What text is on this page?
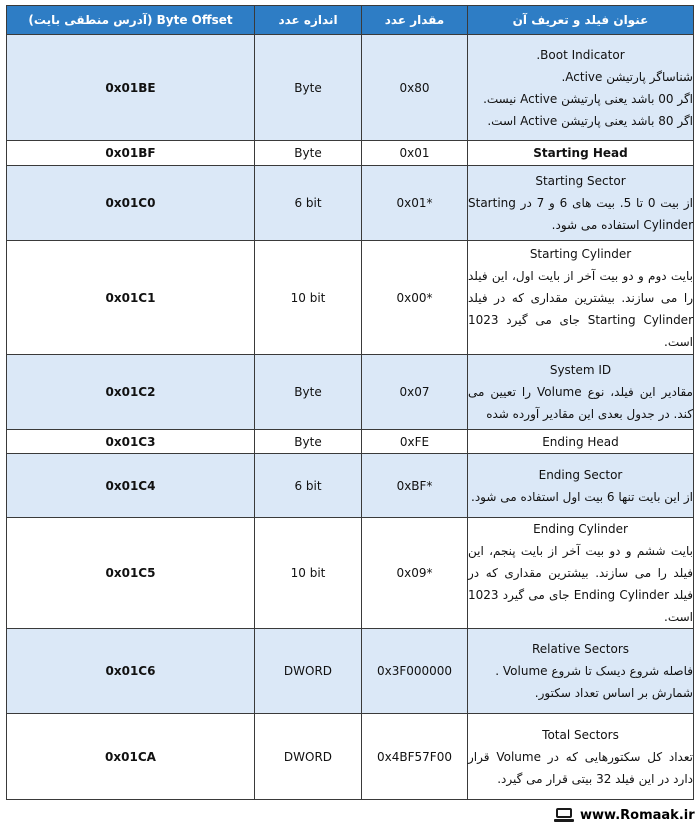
عنوان فیلد و تعریف آن	مقدار عدد	اندازه عدد	Byte Offset (آدرس منطقی بایت)

Boot Indicator.
شناساگر پارتیشن Active.
اگر 00 باشد یعنی پارتیشن Active نیست.
اگر 80 باشد یعنی پارتیشن Active است.	0x80	Byte	0x01BE

Starting Head	0x01	Byte	0x01BF

Starting Sector
از بیت 0 تا 5. بیت های 6 و 7 در Starting Cylinder استفاده می شود.	0x01*	6 bit	0x01C0

Starting Cylinder
بایت دوم و دو بیت آخر از بایت اول، این فیلد را می سازند. بیشترین مقداری که در فیلد Starting Cylinder جای می گیرد 1023 است.	0x00*	10 bit	0x01C1

System ID
مقادیر این فیلد، نوع Volume را تعیین می کند. در جدول بعدی این مقادیر آورده شده	0x07	Byte	0x01C2

Ending Head	0xFE	Byte	0x01C3

Ending Sector
از این بایت تنها 6 بیت اول استفاده می شود.	0xBF*	6 bit	0x01C4

Ending Cylinder
بایت ششم و دو بیت آخر از بایت پنجم، این فیلد را می سازند. بیشترین مقداری که در فیلد Ending Cylinder جای می گیرد 1023 است.	0x09*	10 bit	0x01C5

Relative Sectors
فاصله شروع دیسک تا شروع Volume .
شمارش بر اساس تعداد سکتور.	0x3F000000	DWORD	0x01C6

Total Sectors
تعداد کل سکتورهایی که در Volume قرار دارد در این فیلد 32 بیتی قرار می گیرد.	0x4BF57F00	DWORD	0x01CA
www.Romaak.ir
